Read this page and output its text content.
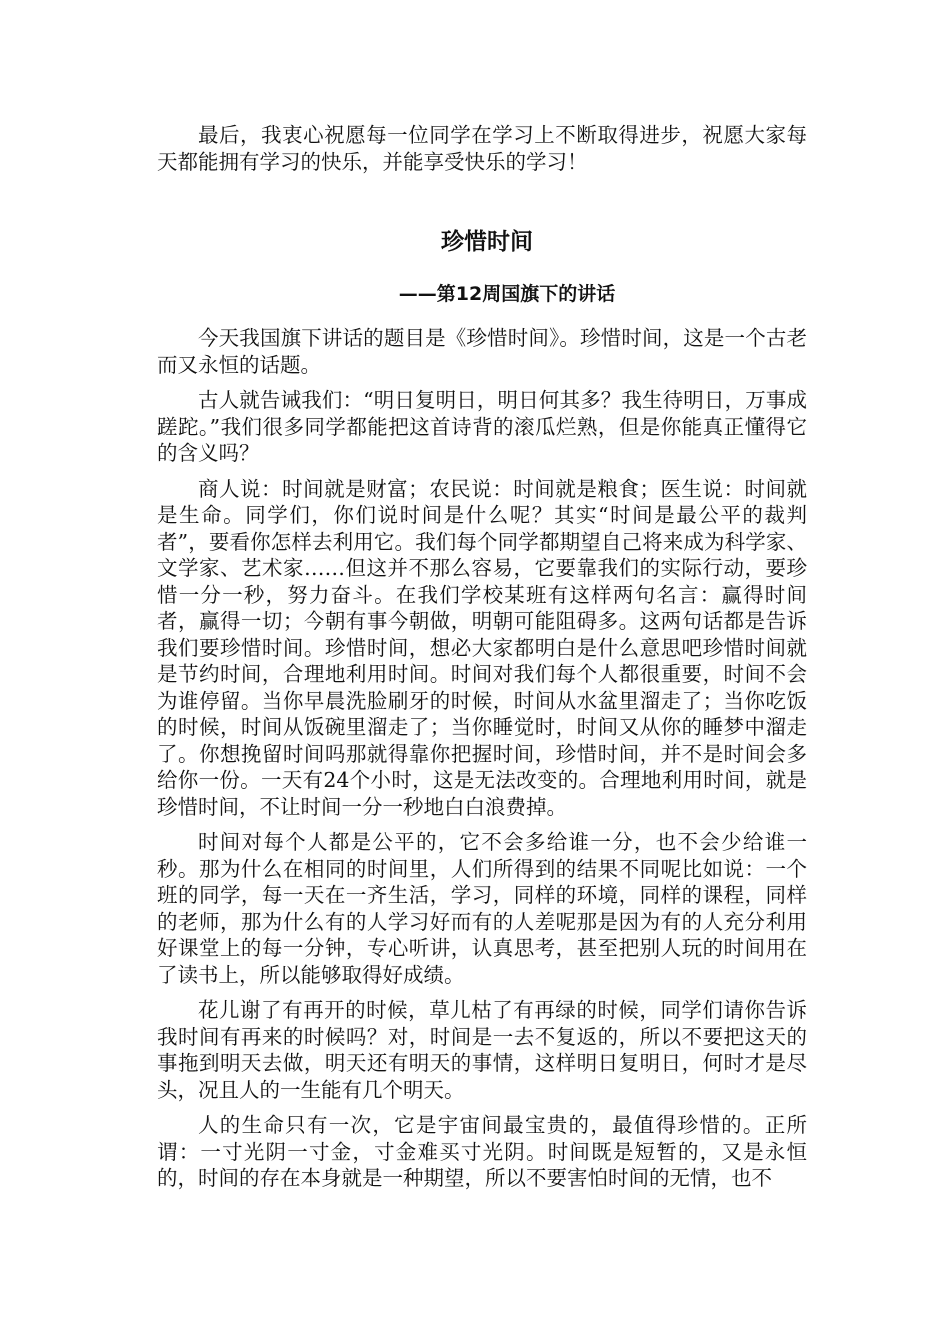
最后，我衷心祝愿每一位同学在学习上不断取得进步，祝愿大家每天都能拥有学习的快乐，并能享受快乐的学习！

珍惜时间
——第12周国旗下的讲话

今天我国旗下讲话的题目是《珍惜时间》。珍惜时间，这是一个古老而又永恒的话题。

古人就告诫我们：“明日复明日，明日何其多？我生待明日，万事成蹉跎。”我们很多同学都能把这首诗背的滚瓜烂熟，但是你能真正懂得它的含义吗？

商人说：时间就是财富；农民说：时间就是粮食；医生说：时间就是生命。同学们，你们说时间是什么呢？其实“时间是最公平的裁判者”，要看你怎样去利用它。我们每个同学都期望自己将来成为科学家、文学家、艺术家……但这并不那么容易，它要靠我们的实际行动，要珍惜一分一秒，努力奋斗。在我们学校某班有这样两句名言：赢得时间者，赢得一切；今朝有事今朝做，明朝可能阻碍多。这两句话都是告诉我们要珍惜时间。珍惜时间，想必大家都明白是什么意思吧珍惜时间就是节约时间，合理地利用时间。时间对我们每个人都很重要，时间不会为谁停留。当你早晨洗脸刷牙的时候，时间从水盆里溜走了；当你吃饭的时候，时间从饭碗里溜走了；当你睡觉时，时间又从你的睡梦中溜走了。你想挽留时间吗那就得靠你把握时间，珍惜时间，并不是时间会多给你一份。一天有24个小时，这是无法改变的。合理地利用时间，就是珍惜时间，不让时间一分一秒地白白浪费掉。

时间对每个人都是公平的，它不会多给谁一分，也不会少给谁一秒。那为什么在相同的时间里，人们所得到的结果不同呢比如说：一个班的同学，每一天在一齐生活，学习，同样的环境，同样的课程，同样的老师，那为什么有的人学习好而有的人差呢那是因为有的人充分利用好课堂上的每一分钟，专心听讲，认真思考，甚至把别人玩的时间用在了读书上，所以能够取得好成绩。

花儿谢了有再开的时候，草儿枯了有再绿的时候，同学们请你告诉我时间有再来的时候吗？对，时间是一去不复返的，所以不要把这天的事拖到明天去做，明天还有明天的事情，这样明日复明日，何时才是尽头，况且人的一生能有几个明天。

人的生命只有一次，它是宇宙间最宝贵的，最值得珍惜的。正所谓：一寸光阴一寸金，寸金难买寸光阴。时间既是短暂的，又是永恒的，时间的存在本身就是一种期望，所以不要害怕时间的无情，也不
